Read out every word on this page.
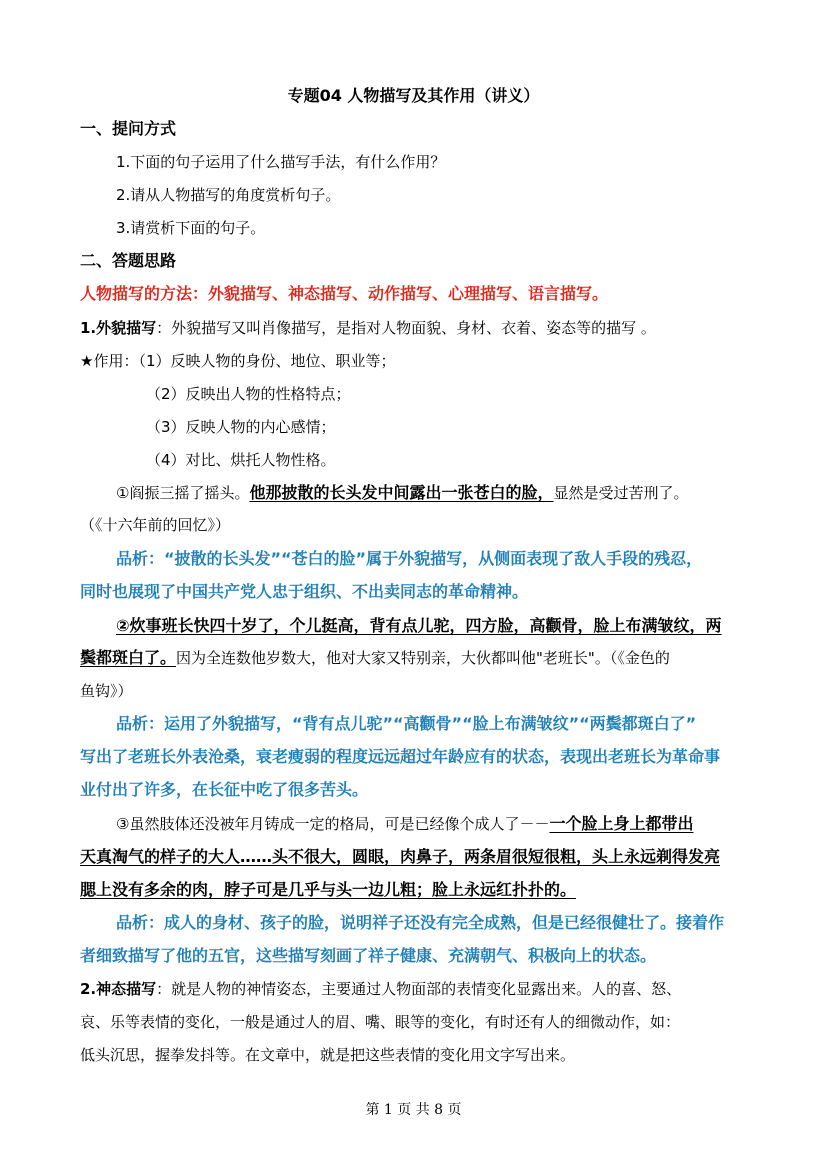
专题04 人物描写及其作用（讲义）
一、提问方式
1.下面的句子运用了什么描写手法，有什么作用？
2.请从人物描写的角度赏析句子。
3.请赏析下面的句子。
二、答题思路
人物描写的方法：外貌描写、神态描写、动作描写、心理描写、语言描写。
1.外貌描写：外貌描写又叫肖像描写，是指对人物面貌、身材、衣着、姿态等的描写 。
★作用：（1）反映人物的身份、地位、职业等；
（2）反映出人物的性格特点；
（3）反映人物的内心感情；
（4）对比、烘托人物性格。
①阎振三摇了摇头。他那披散的长头发中间露出一张苍白的脸，显然是受过苦刑了。
（《十六年前的回忆》）
品析：“披散的长头发”“苍白的脸”属于外貌描写，从侧面表现了敌人手段的残忍，
同时也展现了中国共产党人忠于组织、不出卖同志的革命精神。
②炊事班长快四十岁了，个儿挺高，背有点儿驼，四方脸，高颧骨，脸上布满皱纹，两
鬓都斑白了。因为全连数他岁数大，他对大家又特别亲，大伙都叫他"老班长"。（《金色的
鱼钩》）
品析：运用了外貌描写，“背有点儿驼”“高颧骨”“脸上布满皱纹”“两鬓都斑白了”
写出了老班长外表沧桑，衰老瘦弱的程度远远超过年龄应有的状态，表现出老班长为革命事
业付出了许多，在长征中吃了很多苦头。
③虽然肢体还没被年月铸成一定的格局，可是已经像个成人了－－一个脸上身上都带出
天真淘气的样子的大人……头不很大，圆眼，肉鼻子，两条眉很短很粗，头上永远剃得发亮
腮上没有多余的肉，脖子可是几乎与头一边儿粗；脸上永远红扑扑的。
品析：成人的身材、孩子的脸，说明祥子还没有完全成熟，但是已经很健壮了。接着作
者细致描写了他的五官，这些描写刻画了祥子健康、充满朝气、积极向上的状态。
2.神态描写：就是人物的神情姿态，主要通过人物面部的表情变化显露出来。人的喜、怒、
哀、乐等表情的变化，一般是通过人的眉、嘴、眼等的变化，有时还有人的细微动作，如：
低头沉思，握拳发抖等。在文章中，就是把这些表情的变化用文字写出来。
第 1 页 共 8 页
